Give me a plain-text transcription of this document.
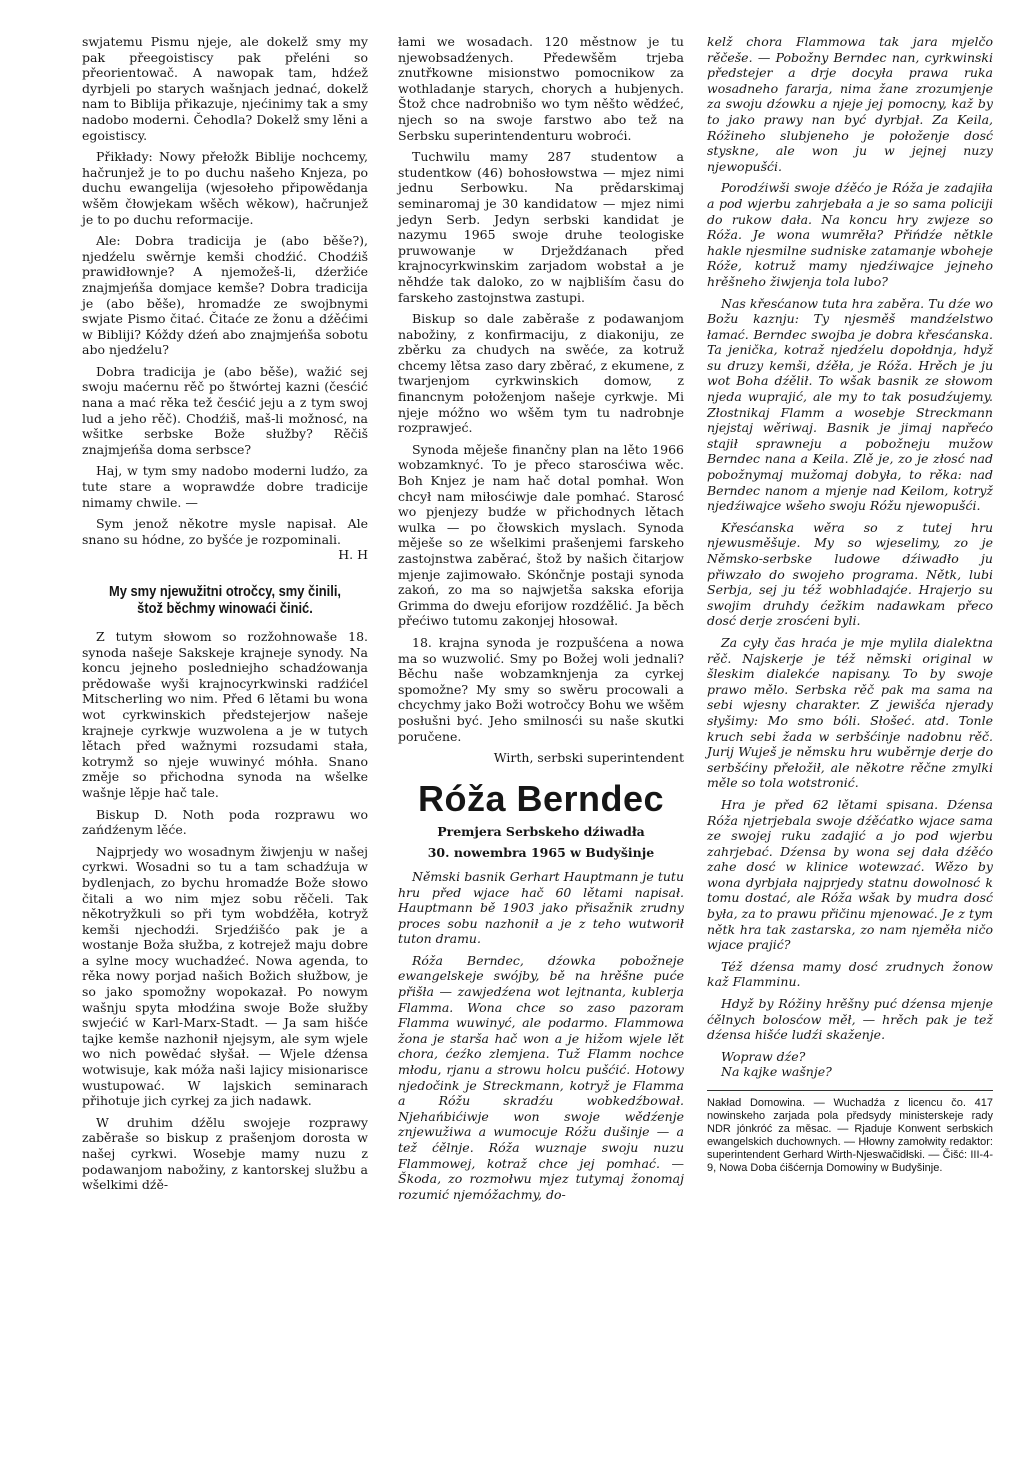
swjatemu Pismu njeje, ale dokelž smy my pak přeegoistiscy pak přeléni so přeorientowač. A nawopak tam, hdźež dyrbjeli po starych wašnjach jednać, dokelž nam to Biblija přikazuje, njećinimy tak a smy nadobo moderni. Čehodla? Dokelž smy lěni a egoistiscy.

Přikłady: Nowy přełožk Biblije nochcemy, hačrunjež je to po duchu našeho Knjeza, po duchu ewangelija (wjesołeho připowědanja wšěm čłowjekam wšěch wěkow), hačrunjež je to po duchu reformacije.

Ale: Dobra tradicija je (abo běše?), njedźelu swěrnje kemši chodźić. Chodźiš prawidłownje? A njemožeš-li, dźeržiće znajmjeńša domjace kemše? Dobra tradicija je (abo běše), hromadźe ze swojbnymi swjate Pismo čitać. Čitaće ze žonu a dźěćimi w Bibliji? Kóždy dźeń abo znajmjeńša sobotu abo njedźelu?

Dobra tradicija je (abo běše), wažić sej swoju maćernu rěč po štwórtej kazni (česćić nana a mać rěka tež česćić jeju a z tym swoj lud a jeho rěč). Chodźiš, maš-li možnosć, na wšitke serbske Bože słužby? Rěčiš znajmjeńša doma serbsce?

Haj, w tym smy nadobo moderni ludźo, za tute stare a woprawdźe dobre tradicije nimamy chwile. —

Sym jenož někotre mysle napisał. Ale snano su hódne, zo byšće je rozpominali.

H. H

My smy njewužitni otročcy, smy činili, štož běchmy winowaći činić.

Z tutym słowom so rozžohnowaše 18. synoda našeje Sakskeje krajneje synody. Na koncu jejneho posledniejho schadźowanja prědowaše wyši krajnocyrkwinski radźićel Mitscherling wo nim. Před 6 lětami bu wona wot cyrkwinskich předstejerjow našeje krajneje cyrkwje wuzwolena a je w tutych lětach před wažnymi rozsudami stała, kotrymž so njeje wuwinyć móhła. Snano změje so přichodna synoda na wšelke wašnje lěpje hač tale.

Biskup D. Noth poda rozprawu wo zańdźenym lěće.

Najprjedy wo wosadnym žiwjenju w našej cyrkwi. Wosadni so tu a tam schadźuja w bydlenjach, zo bychu hromadźe Bože słowo čitali a wo nim mjez sobu rěčeli. Tak někotryžkuli so při tym wobdźěła, kotryž kemši njechodźi. Srjedźišćo pak je a wostanje Boža słužba, z kotrejež maju dobre a sylne mocy wuchadźeć. Nowa agenda, to rěka nowy porjad našich Božich słužbow, je so jako spomožny wopokazał. Po nowym wašnju spyta młodźina swoje Bože słužby swjećić w Karl-Marx-Stadt. — Ja sam hišće tajke kemše nazhonił njejsym, ale sym wjele wo nich powědać słyšał. — Wjele dźensa wotwisuje, kak móža naši lajicy misionarisce wustupować. W lajskich seminarach přihotuje jich cyrkej za jich nadawk.

W druhim dźělu swojeje rozprawy zaběraše so biskup z prašenjom dorosta w našej cyrkwi. Wosebje mamy nuzu z podawanjom nabožiny, z kantorskej službu a wšelkimi dźě-

łami we wosadach. 120 městnow je tu njewobsadźenych. Předewšěm trjeba znutřkowne misionstwo pomocnikow za wothladanje starych, chorych a hubjenych. Štož chce nadrobnišo wo tym něšto wědźeć, njech so na swoje farstwo abo tež na Serbsku superintendenturu wobroći.

Tuchwilu mamy 287 studentow a studentkow (46) bohosłowstwa — mjez nimi jednu Serbowku. Na prědarskimaj seminaromaj je 30 kandidatow — mjez nimi jedyn Serb. Jedyn serbski kandidat je nazymu 1965 swoje druhe teologiske pruwowanje w Drježdźanach před krajnocyrkwinskim zarjadom wobstał a je něhdźe tak daloko, zo w najbliším času do farskeho zastojnstwa zastupi.

Biskup so dale zaběraše z podawanjom nabožiny, z konfirmaciju, z diakoniju, ze zběrku za chudych na swěće, za kotruž chcemy lětsa zaso dary zběrać, z ekumene, z twarjenjom cyrkwinskich domow, z financnym połoženjom našeje cyrkwje. Mi njeje móžno wo wšěm tym tu nadrobnje rozprawjeć.

Synoda měješe finančny plan na lěto 1966 wobzamknyć. To je přeco starosćiwa wěc. Boh Knjez je nam hač dotal pomhał. Won chcył nam miłosćiwje dale pomhać. Starosć wo pjenjezy budźe w přichodnych lětach wulka — po čłowskich myslach. Synoda měješe so ze wšelkimi prašenjemi farskeho zastojnstwa zaběrać, štož by našich čitarjow mjenje zajimowało. Skónčnje postaji synoda zakoń, zo ma so najwjetša sakska eforija Grimma do dweju eforijow rozdźělić. Ja běch přećiwo tutomu zakonjej hłosował.

18. krajna synoda je rozpušćena a nowa ma so wuzwolić. Smy po Božej woli jednali? Běchu naše wobzamknjenja za cyrkej spomožne? My smy so swěru procowali a chcychmy jako Boži wotročcy Bohu we wšěm posłušni być. Jeho smilnosći su naše skutki poručene.

Wirth, serbski superintendent

Róža Berndec

Premjera Serbskeho dźiwadła

30. nowembra 1965 w Budyšinje

Němski basnik Gerhart Hauptmann je tutu hru před wjace hač 60 lětami napisał. Hauptmann bě 1903 jako přisažnik zrudny proces sobu nazhonił a je z teho wutworił tuton dramu.

Róža Berndec, dźowka pobožneje ewangelskeje swójby, bě na hrěšne puće přišła — zawjedźena wot lejtnanta, kublerja Flamma. Wona chce so zaso pazoram Flamma wuwinyć, ale podarmo. Flammowa žona je starša hač won a je hižom wjele lět chora, ćeźko zlemjena. Tuž Flamm nochce młodu, rjanu a strowu holcu pušćić. Hotowy njedočink je Streckmann, kotryž je Flamma a Róžu skradźu wobkedźbował. Njehańbićiwje won swoje wědźenje znjewužiwa a wumocuje Róžu dušinje — a tež ćělnje. Róža wuznaje swoju nuzu Flammowej, kotraž chce jej pomhać. — Škoda, zo rozmołwu mjez tutymaj žonomaj rozumić njemóžachmy, do-

kelž chora Flammowa tak jara mjelčo rěčeše. — Pobožny Berndec nan, cyrkwinski předstejer a drje docyła prawa ruka wosadneho fararja, nima žane zrozumjenje za swoju dźowku a njeje jej pomocny, kaž by to jako prawy nan być dyrbjał. Za Keila, Róžineho slubjeneho je połoženje dosć styskne, ale won ju w jejnej nuzy njewopušći.

Porodźiwši swoje dźěćo je Róža je zadajiła a pod wjerbu zahrjebała a je so sama policiji do rukow dała. Na koncu hry zwjeze so Róža. Je wona wumrěła? Přińdźe nětkle hakle njesmilne sudniske zatamanje wboheje Róže, kotruž mamy njedźiwajce jejneho hrěšneho žiwjenja tola lubo?

Nas křesćanow tuta hra zaběra. Tu dźe wo Božu kaznju: Ty njesměš mandźelstwo łamać. Berndec swojba je dobra křesćanska. Ta jenička, kotraž njedźelu dopołdnja, hdyž su druzy kemši, dźěła, je Róža. Hrěch je ju wot Boha dźělił. To wšak basnik ze słowom njeda wuprajić, ale my to tak posudźujemy. Złostnikaj Flamm a wosebje Streckmann njejstaj wěriwaj. Basnik je jimaj napřećo stajił sprawneju a pobožneju mužow Berndec nana a Keila. Zlě je, zo je złosć nad pobožnymaj mužomaj dobyła, to rěka: nad Berndec nanom a mjenje nad Keilom, kotryž njedźiwajce wšeho swoju Róžu njewopušći.

Křesćanska wěra so z tutej hru njewusměšuje. My so wjeselimy, zo je Němsko-serbske ludowe dźiwadło ju přiwzało do swojeho programa. Nětk, lubi Serbja, sej ju též wobhladajće. Hrajerjo su swojim druhdy ćežkim nadawkam přeco dosć derje zrosćeni byli.

Za cyły čas hraća je mje mylila dialektna rěč. Najskerje je též němski original w šleskim dialekće napisany. To by swoje prawo mělo. Serbska rěč pak ma sama na sebi wjesny charakter. Z jewišća njerady słyšimy: Mo smo bóli. Słošeć. atd. Tonle kruch sebi žada w serbšćinje nadobnu rěč. Jurij Wuješ je němsku hru wuběrnje derje do serbšćiny přełožił, ale někotre rěčne zmylki měle so tola wotstronić.

Hra je před 62 lětami spisana. Dźensa Róža njetrjebala swoje dźěćatko wjace sama ze swojej ruku zadajić a jo pod wjerbu zahrjebać. Dźensa by wona sej dała dźěćo zahe dosć w klinice wotewzać. Wězo by wona dyrbjała najprjedy statnu dowolnosć k tomu dostać, ale Róža wšak by mudra dosć była, za to prawu přičinu mjenować. Je z tym nětk hra tak zastarska, zo nam njeměła ničo wjace prajić?

Též dźensa mamy dosć zrudnych žonow kaž Flamminu.

Hdyž by Róžiny hrěšny puć dźensa mjenje ćělnych bolosćow měł, — hrěch pak je tež dźensa hišće ludźi skaženje.

Wopraw dźe?

Na kajke wašnje?

Nakład Domowina. — Wuchadźa z licencu čo. 417 nowinskeho zarjada pola předsydy ministerskeje rady NDR jónkróć za měsac. — Rjaduje Konwent serbskich ewangelskich duchownych. — Hłowny zamołwity redaktor: superintendent Gerhard Wirth-Njeswačidłski. — Čišć: III-4-9, Nowa Doba ćišćernja Domowiny w Budyšinje.
